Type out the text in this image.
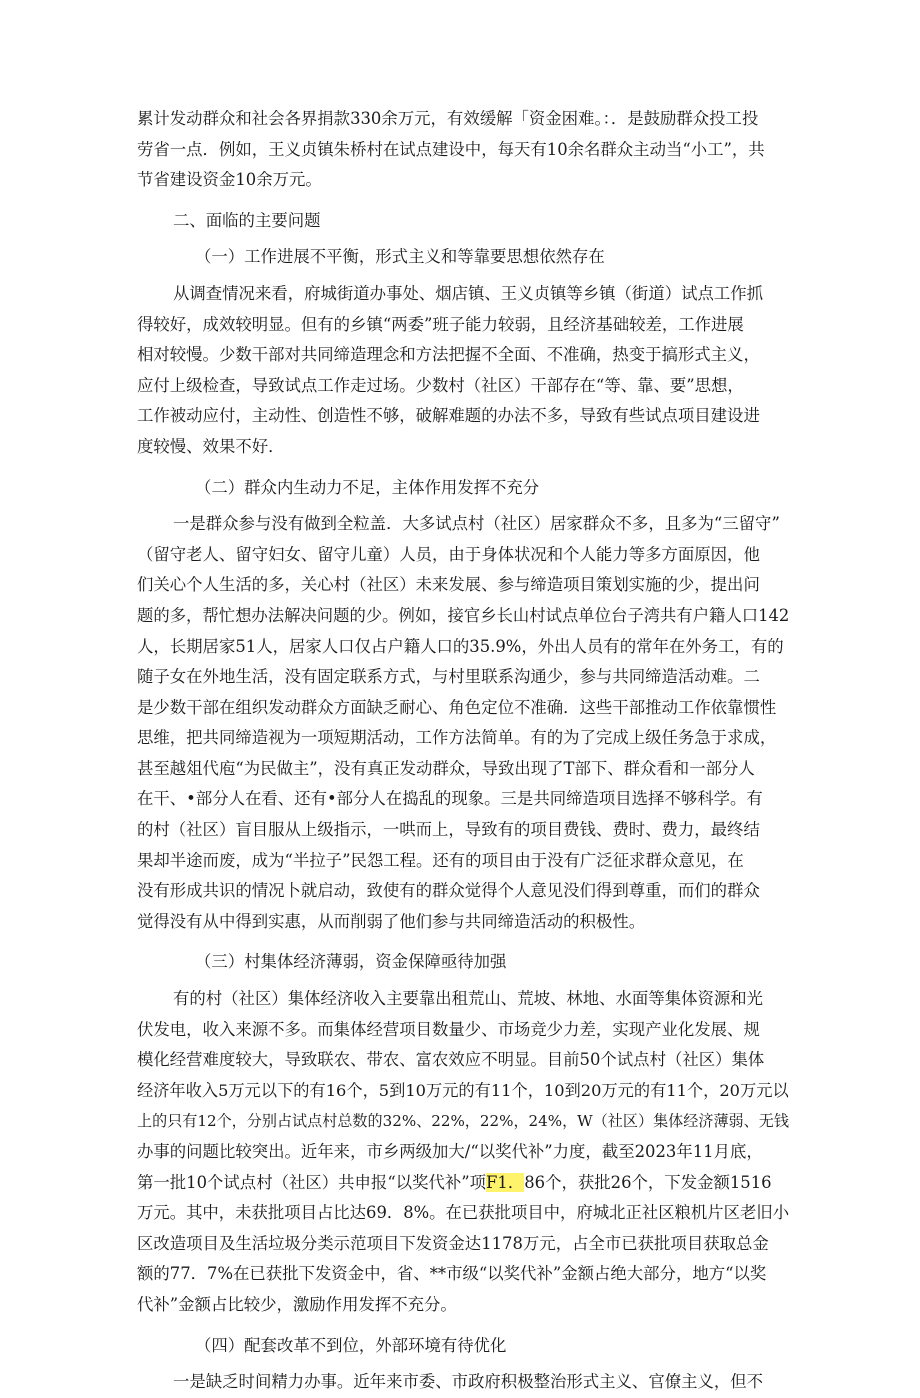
累计发动群众和社会各界捐款330余万元，有效缓解「资金困难。：．是鼓励群众投工投
劳省一点．例如，王义贞镇朱桥村在试点建设中，每天有10余名群众主动当“小工”，共
节省建设资金10余万元。
二、面临的主要问题
（一）工作进展不平衡，形式主义和等靠要思想依然存在
从调查情况来看，府城街道办事处、烟店镇、王义贞镇等乡镇（街道）试点工作抓
得较好，成效较明显。但有的乡镇“两委”班子能力较弱，且经济基础较差，工作进展
相对较慢。少数干部对共同缔造理念和方法把握不全面、不准确，热变于搞形式主义，
应付上级检查，导致试点工作走过场。少数村（社区）干部存在“等、靠、要”思想，
工作被动应付，主动性、创造性不够，破解难题的办法不多，导致有些试点项目建设进
度较慢、效果不好．
（二）群众内生动力不足，主体作用发挥不充分
一是群众参与没有做到全粒盖．大多试点村（社区）居家群众不多，且多为“三留守”
（留守老人、留守妇女、留守儿童）人员，由于身体状况和个人能力等多方面原因，他
们关心个人生活的多，关心村（社区）未来发展、参与缔造项目策划实施的少，提出问
题的多，帮忙想办法解决问题的少。例如，接官乡长山村试点单位台子湾共有户籍人口142
人，长期居家51人，居家人口仅占户籍人口的35.9%，外出人员有的常年在外务工，有的
随子女在外地生活，没有固定联系方式，与村里联系沟通少，参与共同缔造活动难。二
是少数干部在组织发动群众方面缺乏耐心、角色定位不准确．这些干部推动工作依靠惯性
思维，把共同缔造视为一项短期活动，工作方法简单。有的为了完成上级任务急于求成，
甚至越俎代庖“为民做主”，没有真正发动群众，导致出现了T部下、群众看和一部分人
在干、•部分人在看、还有•部分人在捣乱的现象。三是共同缔造项目选择不够科学。有
的村（社区）盲目服从上级指示，一哄而上，导致有的项目费钱、费时、费力，最终结
果却半途而废，成为“半拉子”民怨工程。还有的项目由于没有广泛征求群众意见，在
没有形成共识的情况卜就启动，致使有的群众觉得个人意见没们得到尊重，而们的群众
觉得没有从中得到实惠，从而削弱了他们参与共同缔造活动的积极性。
（三）村集体经济薄弱，资金保障亟待加强
有的村（社区）集体经济收入主要靠出租荒山、荒坡、林地、水面等集体资源和光
伏发电，收入来源不多。而集体经营项目数量少、市场竞少力差，实现产业化发展、规
模化经营难度较大，导致联农、带农、富农效应不明显。目前50个试点村（社区）集体
经济年收入5万元以下的有16个，5到10万元的有11个，10到20万元的有11个，20万元以
上的只有12个，分别占试点村总数的32%、22%，22%，24%，W（社区）集体经济薄弱、无钱
办事的问题比较突出。近年来，市乡两级加大/“以奖代补”力度，截至2023年11月底，
第一批10个试点村（社区）共申报“以奖代补”项F1．86个，获批26个，下发金额1516
万元。其中，未获批项目占比达69．8%。在已获批项目中，府城北正社区粮机片区老旧小
区改造项目及生活垃圾分类示范项目下发资金达1178万元，占全市已获批项目获取总金
额的77．7%在已获批下发资金中，省、**市级“以奖代补”金额占绝大部分，地方“以奖
代补”金额占比较少，激励作用发挥不充分。
（四）配套改革不到位，外部环境有待优化
一是缺乏时间精力办事。近年来市委、市政府积极整治形式主义、官僚主义，但不
